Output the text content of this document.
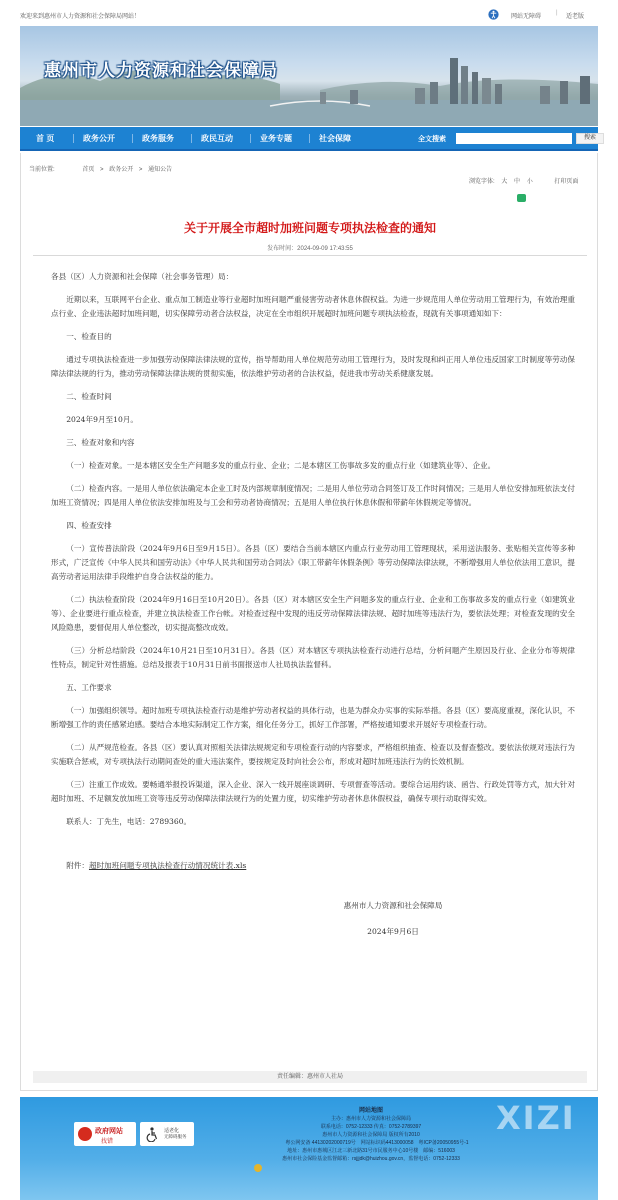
欢迎来到惠州市人力资源和社会保障局网站！	网站无障碍
|
适老版
惠州市人力资源和社会保障局
首 页	政务公开	政务服务	政民互动	业务专题	社会保障	全文搜索	搜索
当前位置:	首页 > 政务公开 > 通知公告
浏览字体: 大 中 小	打印页面
关于开展全市超时加班问题专项执法检查的通知
发布时间：2024-09-09 17:43:55

各县（区）人力资源和社会保障（社会事务管理）局：

近期以来，互联网平台企业、重点加工制造业等行业超时加班问题严重侵害劳动者休息休假权益。为进一步规范用人单位劳动用工管理行为，有效治理重点行业、企业违法超时加班问题，切实保障劳动者合法权益，决定在全市组织开展超时加班问题专项执法检查，现就有关事项通知如下：

一、检查目的

通过专项执法检查进一步加强劳动保障法律法规的宣传，指导帮助用人单位规范劳动用工管理行为，及时发现和纠正用人单位违反国家工时制度等劳动保障法律法规的行为，推动劳动保障法律法规的贯彻实施，依法维护劳动者的合法权益，促进我市劳动关系健康发展。

二、检查时间

2024年9月至10月。

三、检查对象和内容

（一）检查对象。一是本辖区安全生产问题多发的重点行业、企业；二是本辖区工伤事故多发的重点行业（如建筑业等）、企业。

（二）检查内容。一是用人单位依法确定本企业工时及内部规章制度情况；二是用人单位劳动合同签订及工作时间情况；三是用人单位安排加班依法支付加班工资情况；四是用人单位依法安排加班及与工会和劳动者协商情况；五是用人单位执行休息休假和带薪年休假规定等情况。

四、检查安排

（一）宣传普法阶段（2024年9月6日至9月15日）。各县（区）要结合当前本辖区内重点行业劳动用工管理现状，采用送法服务、张贴相关宣传等多种形式，广泛宣传《中华人民共和国劳动法》《中华人民共和国劳动合同法》《职工带薪年休假条例》等劳动保障法律法规，不断增强用人单位依法用工意识，提高劳动者运用法律手段维护自身合法权益的能力。

（二）执法检查阶段（2024年9月16日至10月20日）。各县（区）对本辖区安全生产问题多发的重点行业、企业和工伤事故多发的重点行业（如建筑业等）、企业要进行重点检查，并建立执法检查工作台帐。对检查过程中发现的违反劳动保障法律法规、超时加班等违法行为，要依法处理；对检查发现的安全风险隐患，要督促用人单位整改，切实提高整改成效。

（三）分析总结阶段（2024年10月21日至10月31日）。各县（区）对本辖区专项执法检查行动进行总结，分析问题产生原因及行业、企业分布等规律性特点，制定针对性措施。总结及报表于10月31日前书面报送市人社局执法监督科。

五、工作要求

（一）加强组织领导。超时加班专项执法检查行动是维护劳动者权益的具体行动，也是为群众办实事的实际举措。各县（区）要高度重视，深化认识，不断增强工作的责任感紧迫感。要结合本地实际制定工作方案，细化任务分工，抓好工作部署，严格按通知要求开展好专项检查行动。

（二）从严规范检查。各县（区）要认真对照相关法律法规规定和专项检查行动的内容要求，严格组织抽查、检查以及督查整改。要依法依规对违法行为实施联合惩戒，对专项执法行动期间查处的重大违法案件，要按规定及时向社会公布，形成对超时加班违法行为的长效机制。

（三）注重工作成效。要畅通举报投诉渠道，深入企业、深入一线开展座谈调研、专项督查等活动。要综合运用约谈、函告、行政处罚等方式，加大针对超时加班、不足额发放加班工资等违反劳动保障法律法规行为的处置力度，切实维护劳动者休息休假权益，确保专项行动取得实效。

联系人：丁先生，电话：2789360。

附件：超时加班问题专项执法检查行动情况统计表.xls

惠州市人力资源和社会保障局

2024年9月6日

责任编辑：惠州市人社局
政府网站
找错
适老化
无障碍服务
网站地图
主办：惠州市人力资源和社会保障局
联系电话：0752-12333 传真：0752-2789397
惠州市人力资源和社会保障局 版权所有2010
粤公网安备 44130202000719号　网站标识码4413000058　粤ICP备20050955号-1
地址：惠州市惠城区江北三新北路31号市民服务中心10号楼　邮编：516003
惠州市社会保险基金监督邮箱：rsjjjdk@huizhou.gov.cn，监督电话：0752-12333
XIZI
